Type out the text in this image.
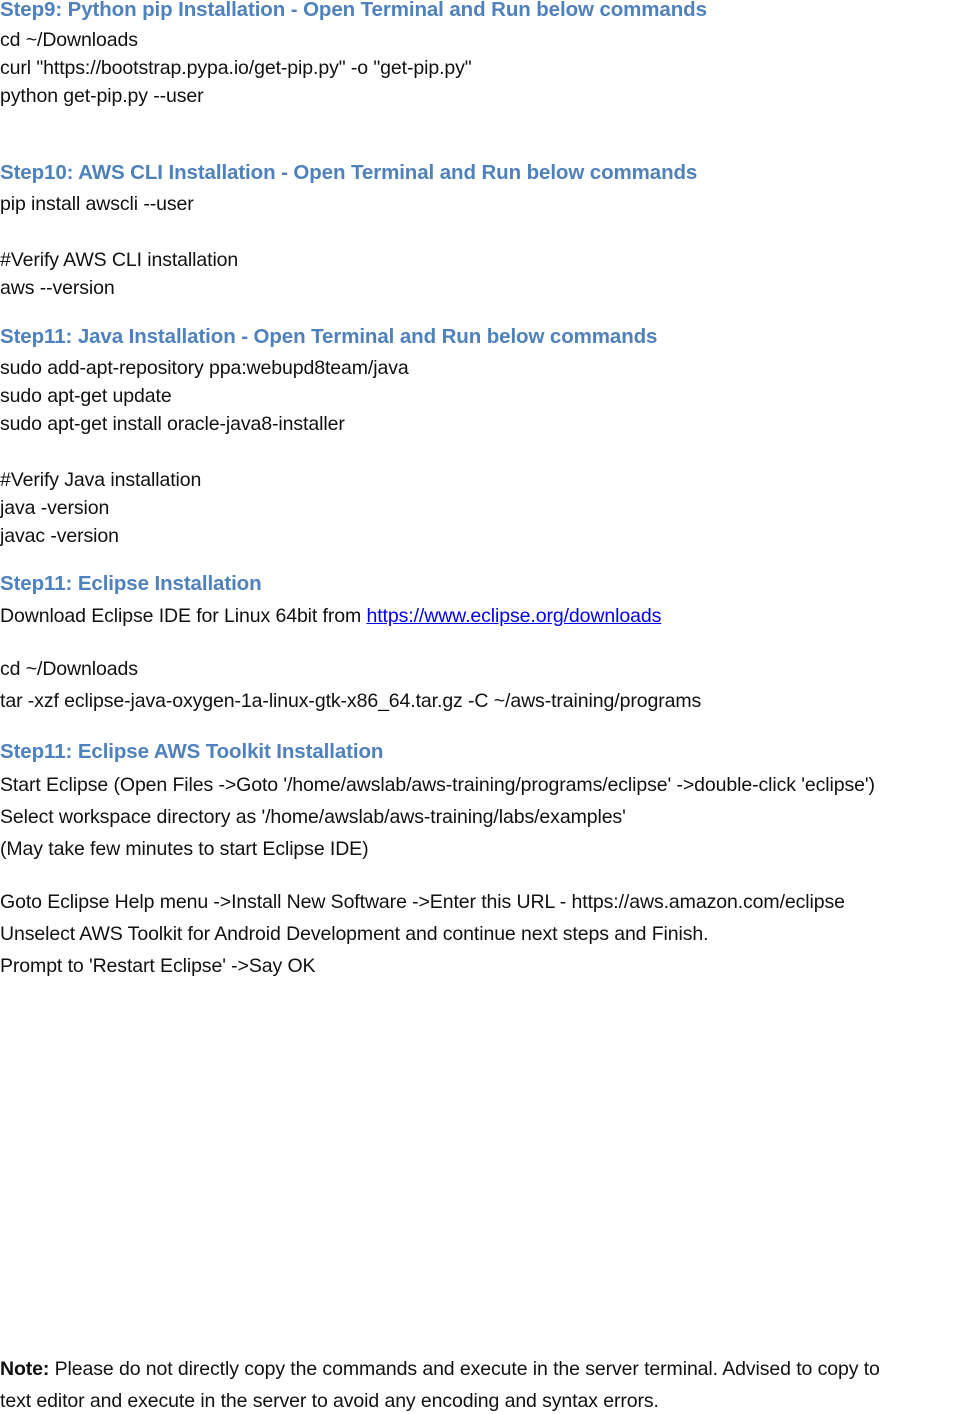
Step9: Python pip Installation - Open Terminal and Run below commands
cd ~/Downloads
curl "https://bootstrap.pypa.io/get-pip.py" -o "get-pip.py"
python get-pip.py --user
Step10: AWS CLI Installation - Open Terminal and Run below commands
pip install awscli --user
#Verify AWS CLI installation
aws --version
Step11: Java Installation - Open Terminal and Run below commands
sudo add-apt-repository ppa:webupd8team/java
sudo apt-get update
sudo apt-get install oracle-java8-installer
#Verify Java installation
java -version
javac -version
Step11: Eclipse Installation
Download Eclipse IDE for Linux 64bit from https://www.eclipse.org/downloads
cd ~/Downloads
tar -xzf eclipse-java-oxygen-1a-linux-gtk-x86_64.tar.gz -C ~/aws-training/programs
Step11: Eclipse AWS Toolkit Installation
Start Eclipse (Open Files ->Goto '/home/awslab/aws-training/programs/eclipse' ->double-click 'eclipse')
Select workspace directory as '/home/awslab/aws-training/labs/examples'
(May take few minutes to start Eclipse IDE)
Goto Eclipse Help menu ->Install New Software ->Enter this URL - https://aws.amazon.com/eclipse
Unselect AWS Toolkit for Android Development and continue next steps and Finish.
Prompt to 'Restart Eclipse' ->Say OK
Note: Please do not directly copy the commands and execute in the server terminal. Advised to copy to
text editor and execute in the server to avoid any encoding and syntax errors.
